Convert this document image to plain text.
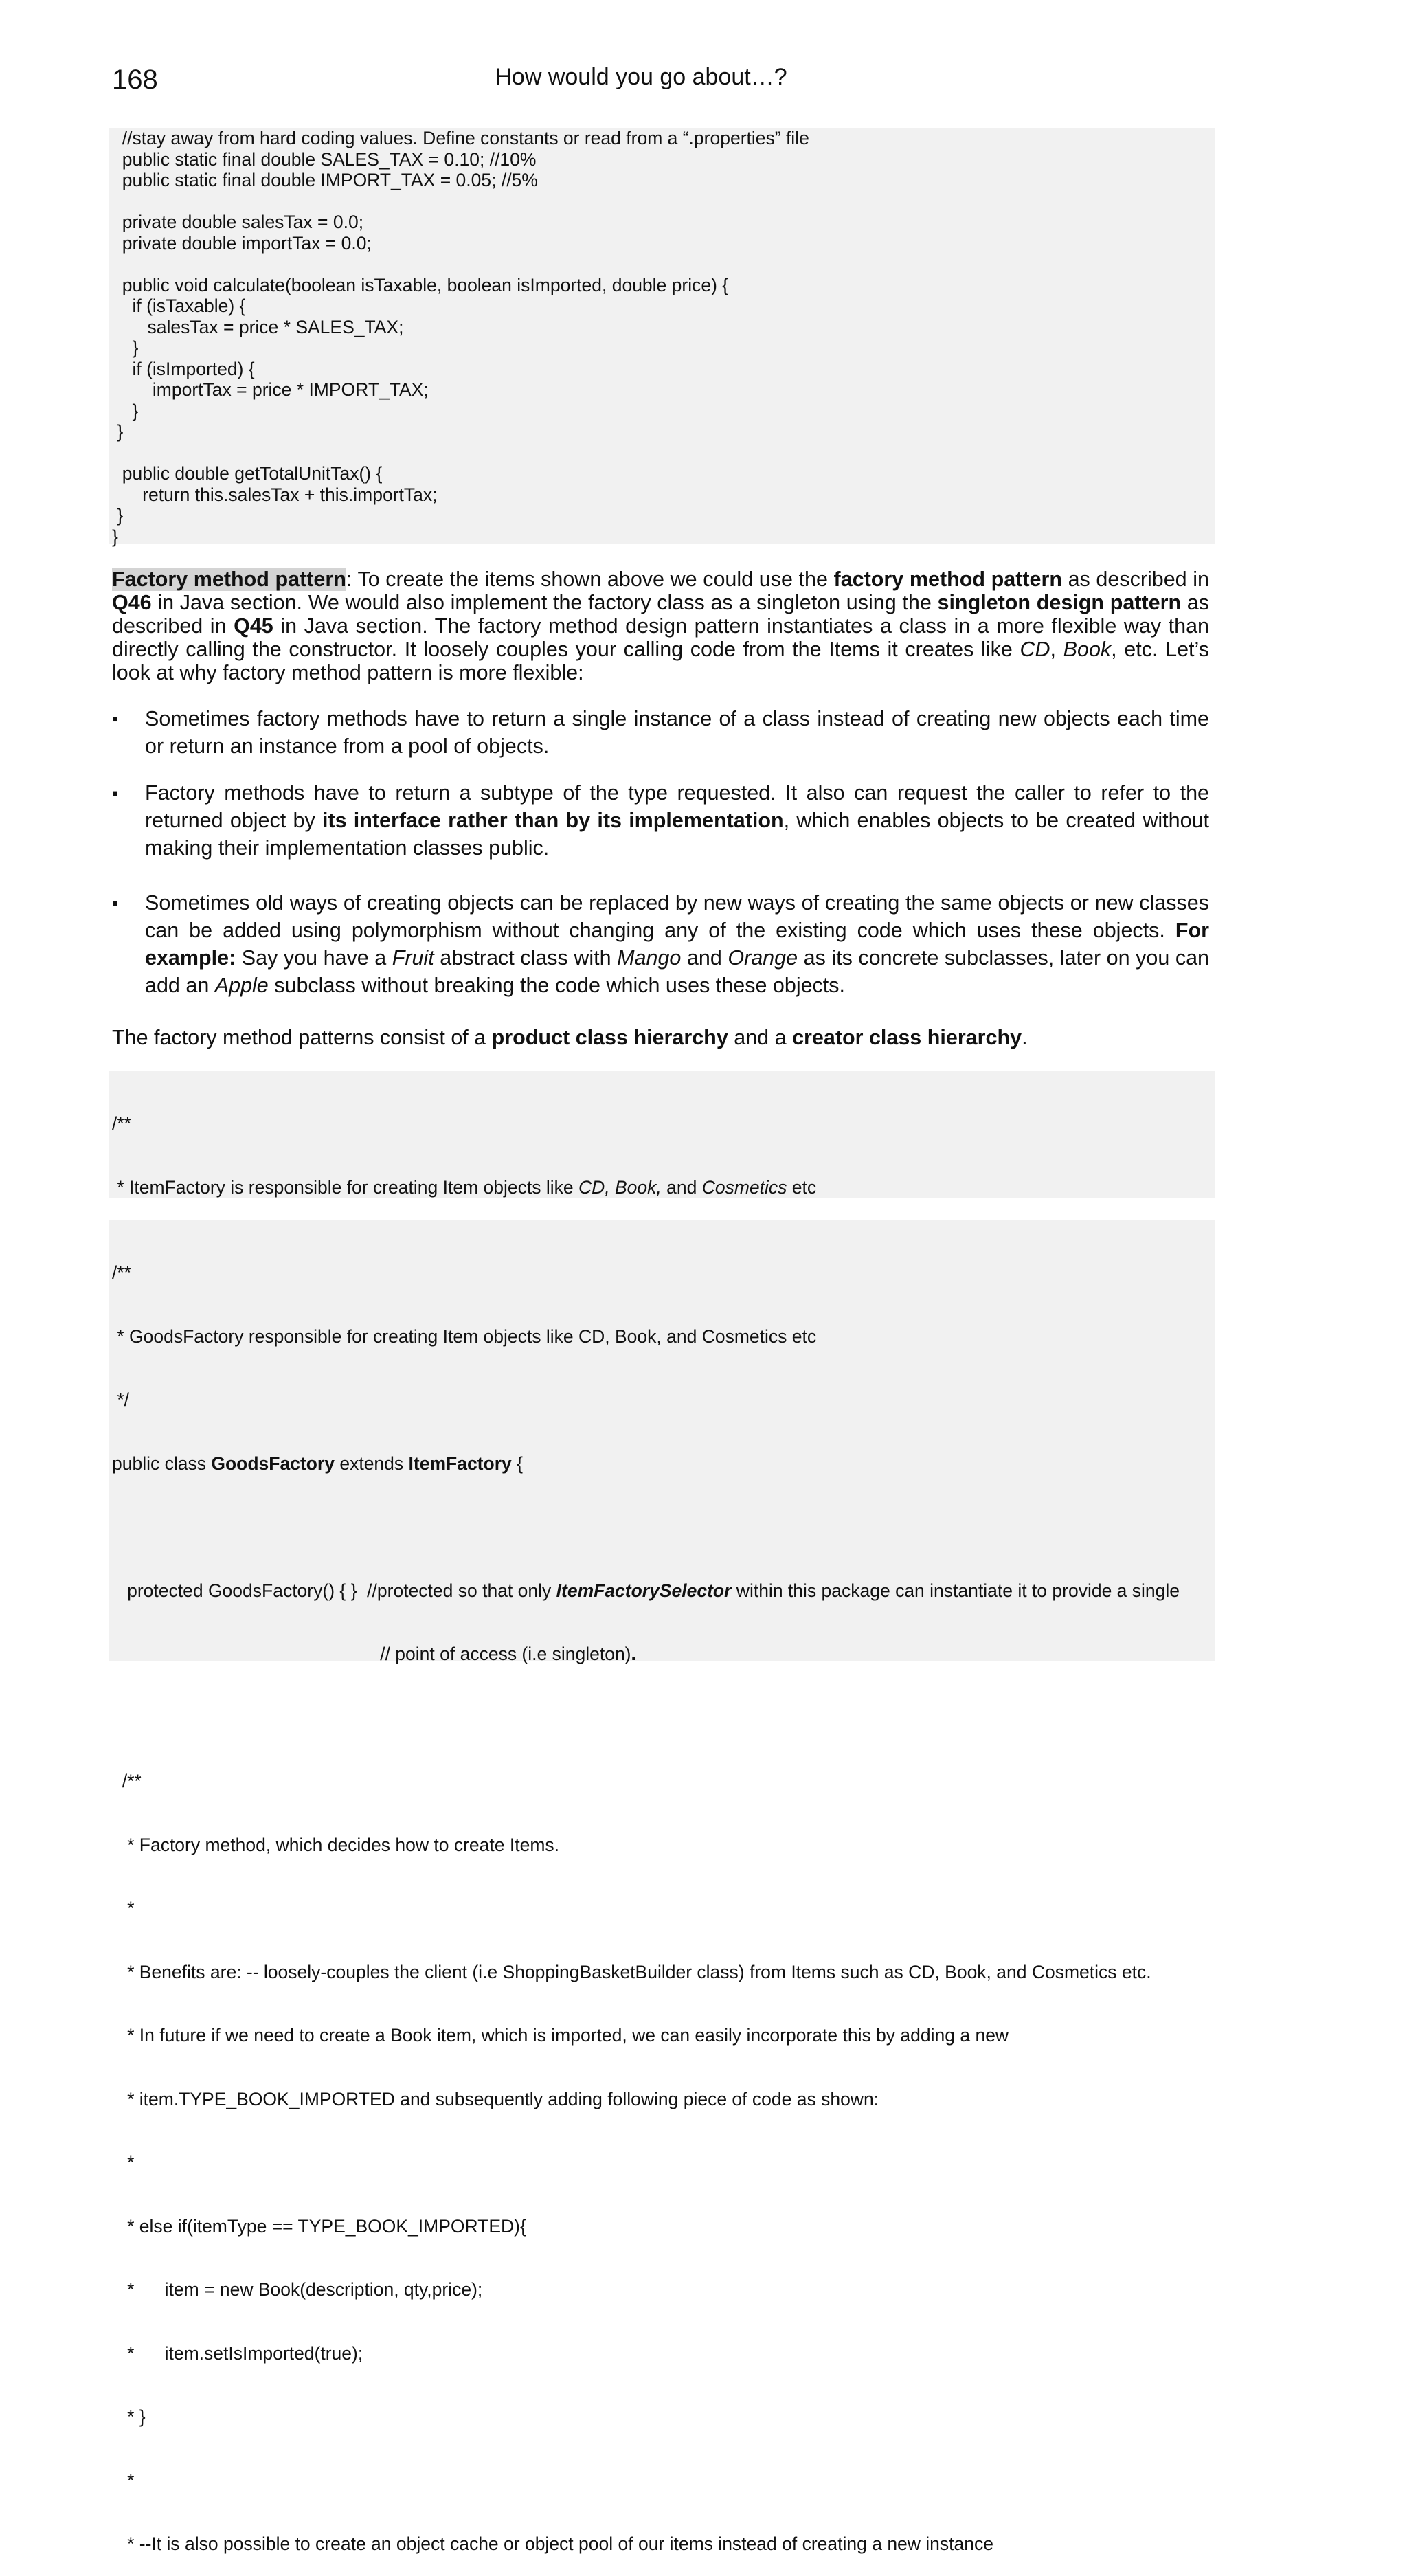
168	How would you go about…?
//stay away from hard coding values. Define constants or read from a “.properties” file
public static final double SALES_TAX = 0.10; //10%
public static final double IMPORT_TAX = 0.05; //5%
private double salesTax = 0.0;
private double importTax = 0.0;
public void calculate(boolean isTaxable, boolean isImported, double price) {
if (isTaxable) {
salesTax = price * SALES_TAX;
}
if (isImported) {
importTax = price * IMPORT_TAX;
}
}
public double getTotalUnitTax() {
return this.salesTax + this.importTax;
}
}

Factory method pattern: To create the items shown above we could use the factory method pattern as described in Q46 in Java section. We would also implement the factory class as a singleton using the singleton design pattern as described in Q45 in Java section. The factory method design pattern instantiates a class in a more flexible way than directly calling the constructor. It loosely couples your calling code from the Items it creates like CD, Book, etc. Let’s look at why factory method pattern is more flexible:

▪ Sometimes factory methods have to return a single instance of a class instead of creating new objects each time or return an instance from a pool of objects.
▪ Factory methods have to return a subtype of the type requested. It also can request the caller to refer to the returned object by its interface rather than by its implementation, which enables objects to be created without making their implementation classes public.
▪ Sometimes old ways of creating objects can be replaced by new ways of creating the same objects or new classes can be added using polymorphism without changing any of the existing code which uses these objects. For example: Say you have a Fruit abstract class with Mango and Orange as its concrete subclasses, later on you can add an Apple subclass without breaking the code which uses these objects.
The factory method patterns consist of a product class hierarchy and a creator class hierarchy.

/**

* ItemFactory is responsible for creating Item objects like CD, Book, and Cosmetics etc

/**

* GoodsFactory responsible for creating Item objects like CD, Book, and Cosmetics etc

*/

public class GoodsFactory extends ItemFactory {

protected GoodsFactory() { }  //protected so that only ItemFactorySelector within this package can instantiate it to provide a single

// point of access (i.e singleton).

/**

* Factory method, which decides how to create Items.

*

* Benefits are: -- loosely-couples the client (i.e ShoppingBasketBuilder class) from Items such as CD, Book, and Cosmetics etc.

* In future if we need to create a Book item, which is imported, we can easily incorporate this by adding a new

* item.TYPE_BOOK_IMPORTED and subsequently adding following piece of code as shown:

*

* else if(itemType == TYPE_BOOK_IMPORTED){

*      item = new Book(description, qty,price);

*      item.setIsImported(true);

* }

*

* --It is also possible to create an object cache or object pool of our items instead of creating a new instance
